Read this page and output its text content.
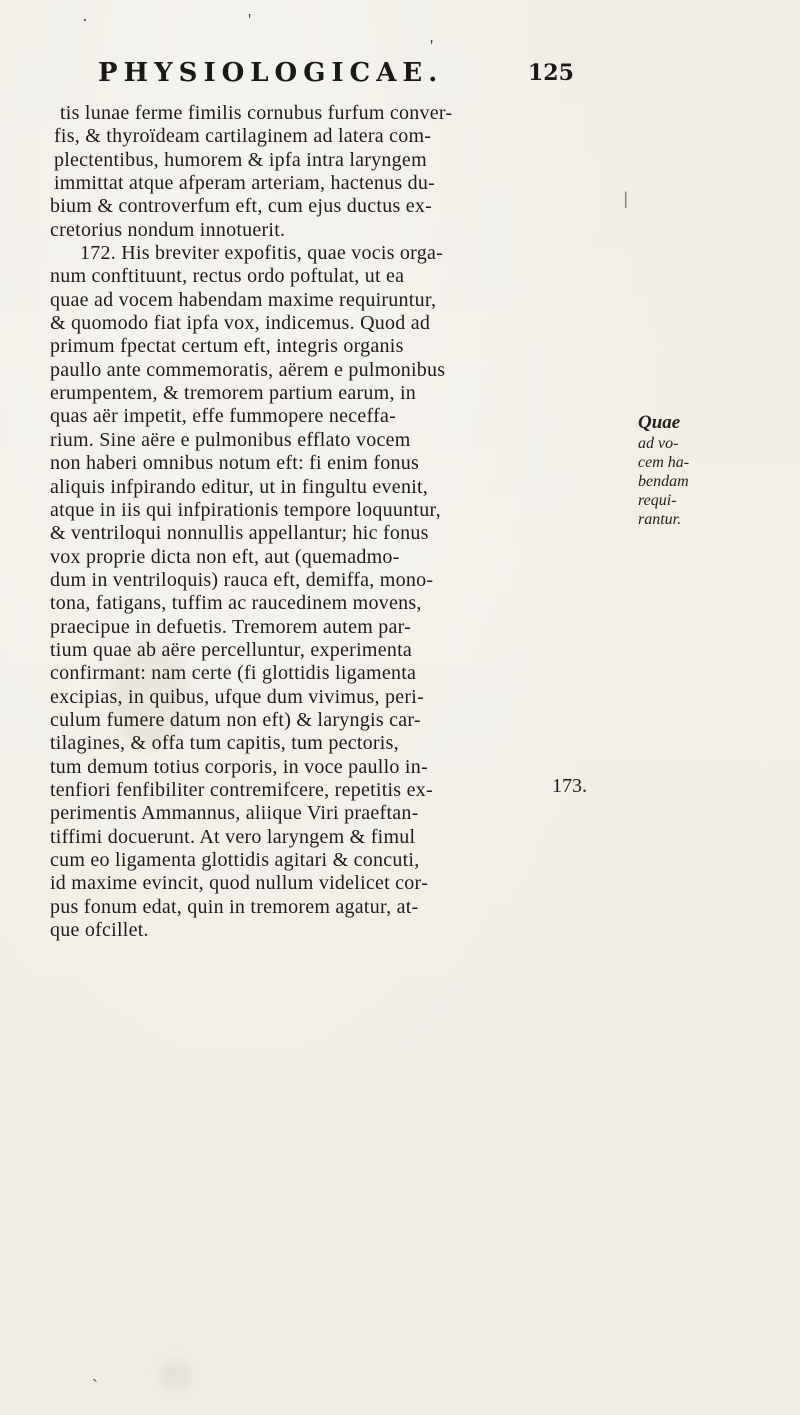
·	'
'
|
ˎ
PHYSIOLOGICAE.	125
tis lunae ferme fimilis cornubus furfum conver-
fis, & thyroïdeam cartilaginem ad latera com-
plectentibus, humorem & ipfa intra laryngem
immittat atque afperam arteriam, hactenus du-
bium & controverfum eft, cum ejus ductus ex-
cretorius nondum innotuerit.
172. His breviter expofitis, quae vocis orga-
num conftituunt, rectus ordo poftulat, ut ea
quae ad vocem habendam maxime requiruntur,
& quomodo fiat ipfa vox, indicemus. Quod ad
primum fpectat certum eft, integris organis
paullo ante commemoratis, aërem e pulmonibus
erumpentem, & tremorem partium earum, in
quas aër impetit, effe fummopere neceffa-
rium. Sine aëre e pulmonibus efflato vocem
non haberi omnibus notum eft: fi enim fonus
aliquis infpirando editur, ut in fingultu evenit,
atque in iis qui infpirationis tempore loquuntur,
& ventriloqui nonnullis appellantur; hic fonus
vox proprie dicta non eft, aut (quemadmo-
dum in ventriloquis) rauca eft, demiffa, mono-
tona, fatigans, tuffim ac raucedinem movens,
praecipue in defuetis. Tremorem autem par-
tium quae ab aëre percelluntur, experimenta
confirmant: nam certe (fi glottidis ligamenta
excipias, in quibus, ufque dum vivimus, peri-
culum fumere datum non eft) & laryngis car-
tilagines, & offa tum capitis, tum pectoris,
tum demum totius corporis, in voce paullo in-
tenfiori fenfibiliter contremifcere, repetitis ex-
perimentis Ammannus, aliique Viri praeftan-
tiffimi docuerunt. At vero laryngem & fimul
cum eo ligamenta glottidis agitari & concuti,
id maxime evincit, quod nullum videlicet cor-
pus fonum edat, quin in tremorem agatur, at-
que ofcillet.
Quae
ad vo-
cem ha-
bendam
requi-
rantur.
173.
